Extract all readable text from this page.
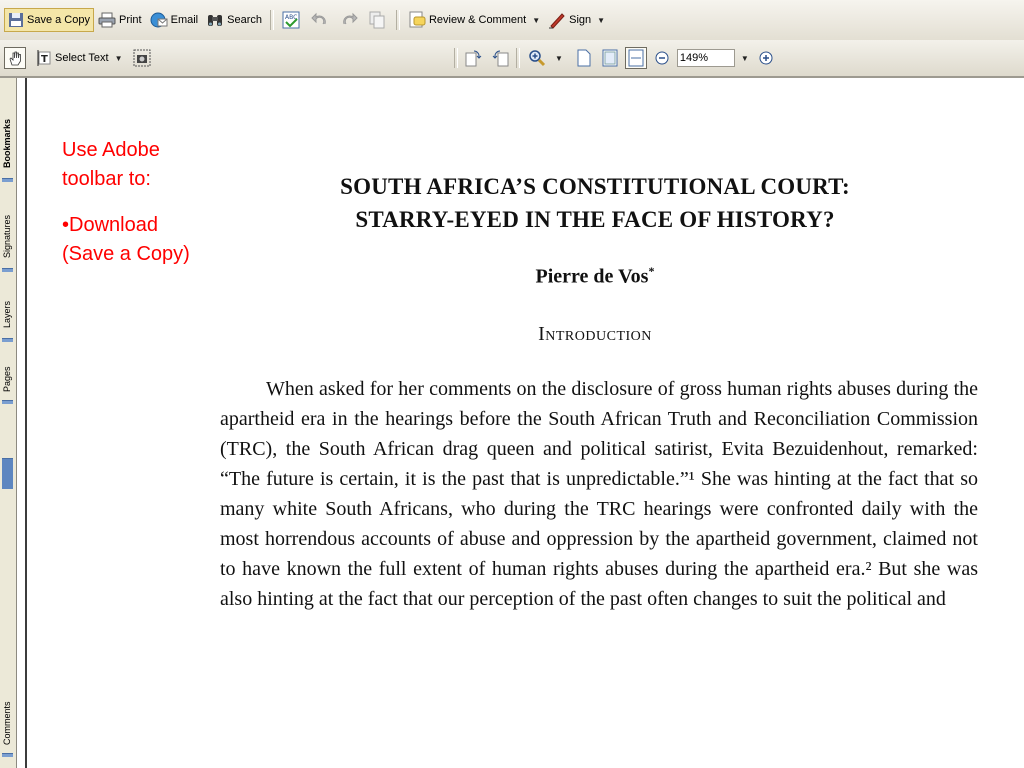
Save a Copy	Print	Email	Search	ABC	Review & Comment ▼	Sign ▼
T Select Text ▼	▼
149%	▼
Bookmarks
Signatures
Layers
Pages
Comments
Use Adobe toolbar to:
•Download (Save a Copy)
SOUTH AFRICA’S CONSTITUTIONAL COURT:
STARRY-EYED IN THE FACE OF HISTORY?
Pierre de Vos*
Introduction

When asked for her comments on the disclosure of gross human rights abuses during the apartheid era in the hearings before the South African Truth and Reconciliation Commission (TRC), the South African drag queen and political satirist, Evita Bezuidenhout, remarked: “The future is certain, it is the past that is unpredictable.”¹ She was hinting at the fact that so many white South Africans, who during the TRC hearings were confronted daily with the most horrendous accounts of abuse and oppression by the apartheid government, claimed not to have known the full extent of human rights abuses during the apartheid era.² But she was also hinting at the fact that our perception of the past often changes to suit the political and
